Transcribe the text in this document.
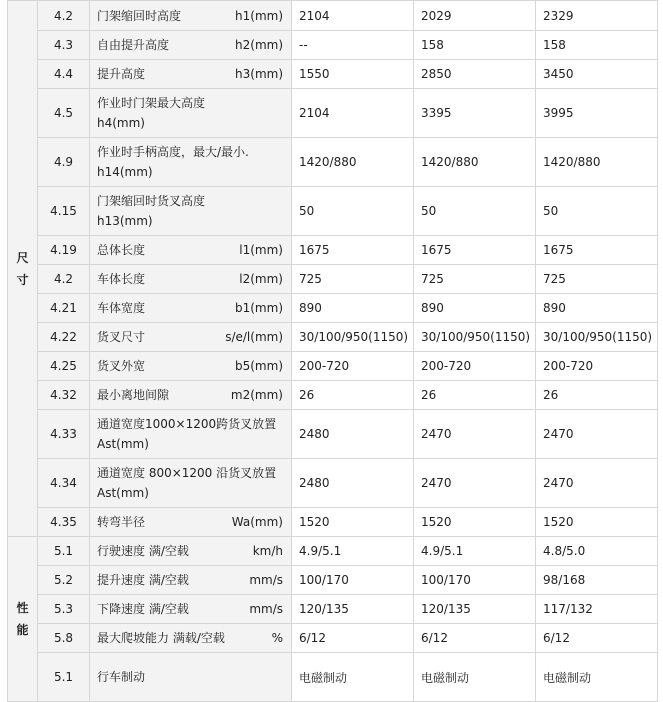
尺寸	4.2	门架缩回时高度 h1(mm)	2104	2029	2329
	4.3	自由提升高度 h2(mm)	--	158	158
	4.4	提升高度 h3(mm)	1550	2850	3450
	4.5	作业时门架最大高度
h4(mm)	2104	3395	3995
	4.9	作业时手柄高度，最大/最小.
h14(mm)	1420/880	1420/880	1420/880
	4.15	门架缩回时货叉高度
h13(mm)	50	50	50
	4.19	总体长度 l1(mm)	1675	1675	1675
	4.2	车体长度 l2(mm)	725	725	725
	4.21	车体宽度 b1(mm)	890	890	890
	4.22	货叉尺寸 s/e/l(mm)	30/100/950(1150)	30/100/950(1150)	30/100/950(1150)
	4.25	货叉外宽 b5(mm)	200-720	200-720	200-720
	4.32	最小离地间隙 m2(mm)	26	26	26
	4.33	通道宽度1000×1200跨货叉放置
Ast(mm)	2480	2470	2470
	4.34	通道宽度 800×1200 沿货叉放置
Ast(mm)	2480	2470	2470
	4.35	转弯半径 Wa(mm)	1520	1520	1520
性能	5.1	行驶速度 满/空载 km/h	4.9/5.1	4.9/5.1	4.8/5.0
	5.2	提升速度 满/空载 mm/s	100/170	100/170	98/168
	5.3	下降速度 满/空载 mm/s	120/135	120/135	117/132
	5.8	最大爬坡能力 满载/空载 %	6/12	6/12	6/12
	5.1	行车制动	电磁制动	电磁制动	电磁制动
